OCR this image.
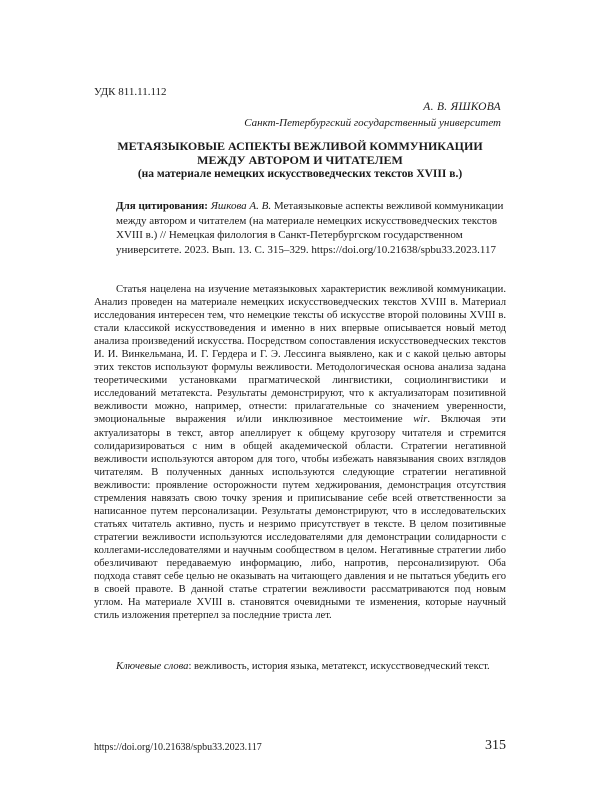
УДК 811.11.112
А. В. ЯШКОВА
Санкт-Петербургский государственный университет
МЕТАЯЗЫКОВЫЕ АСПЕКТЫ ВЕЖЛИВОЙ КОММУНИКАЦИИ
МЕЖДУ АВТОРОМ И ЧИТАТЕЛЕМ
(на материале немецких искусствоведческих текстов XVIII в.)
Для цитирования: Яшкова А. В. Метаязыковые аспекты вежливой коммуникации между автором и читателем (на материале немецких искусствоведческих текстов XVIII в.) // Немецкая филология в Санкт-Петербургском государственном университете. 2023. Вып. 13. С. 315–329. https://doi.org/10.21638/spbu33.2023.117
Статья нацелена на изучение метаязыковых характеристик вежливой коммуникации. Анализ проведен на материале немецких искусствоведческих текстов XVIII в. Материал исследования интересен тем, что немецкие тексты об искусстве второй половины XVIII в. стали классикой искусствоведения и именно в них впервые описывается новый метод анализа произведений искусства. Посредством сопоставления искусствоведческих текстов И. И. Винкельмана, И. Г. Гердера и Г. Э. Лессинга выявлено, как и с какой целью авторы этих текстов используют формулы вежливости. Методологическая основа анализа задана теоретическими установками прагматической лингвистики, социолингвистики и исследований метатекста. Результаты демонстрируют, что к актуализаторам позитивной вежливости можно, например, отнести: прилагательные со значением уверенности, эмоциональные выражения и/или инклюзивное местоимение wir. Включая эти актуализаторы в текст, автор апеллирует к общему кругозору читателя и стремится солидаризироваться с ним в общей академической области. Стратегии негативной вежливости используются автором для того, чтобы избежать навязывания своих взглядов читателям. В полученных данных используются следующие стратегии негативной вежливости: проявление осторожности путем хеджирования, демонстрация отсутствия стремления навязать свою точку зрения и приписывание себе всей ответственности за написанное путем персонализации. Результаты демонстрируют, что в исследовательских статьях читатель активно, пусть и незримо присутствует в тексте. В целом позитивные стратегии вежливости используются исследователями для демонстрации солидарности с коллегами-исследователями и научным сообществом в целом. Негативные стратегии либо обезличивают передаваемую информацию, либо, напротив, персонализируют. Оба подхода ставят себе целью не оказывать на читающего давления и не пытаться убедить его в своей правоте. В данной статье стратегии вежливости рассматриваются под новым углом. На материале XVIII в. становятся очевидными те изменения, которые научный стиль изложения претерпел за последние триста лет.
Ключевые слова: вежливость, история языка, метатекст, искусствоведческий текст.
https://doi.org/10.21638/spbu33.2023.117	315
